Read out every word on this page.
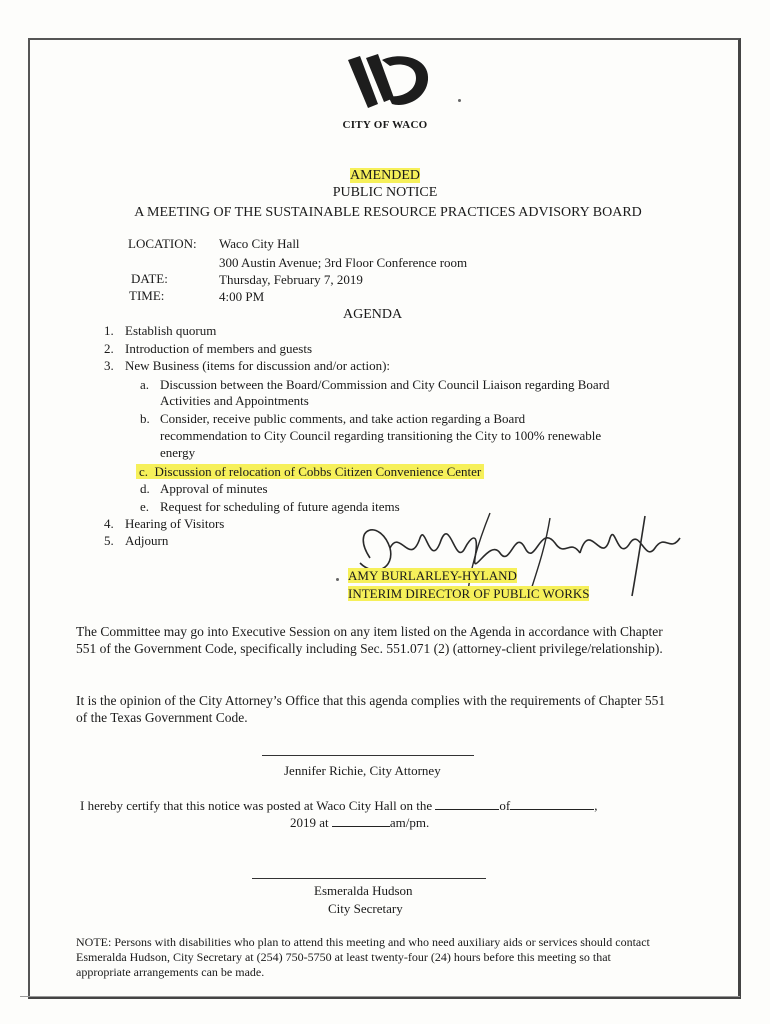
CITY OF WACO
AMENDED
PUBLIC NOTICE
A MEETING OF THE SUSTAINABLE RESOURCE PRACTICES ADVISORY BOARD
LOCATION: Waco City Hall
300 Austin Avenue; 3rd Floor Conference room
DATE:	Thursday, February 7, 2019
TIME:	4:00 PM
AGENDA
1. Establish quorum
2. Introduction of members and guests
3. New Business (items for discussion and/or action):
a. Discussion between the Board/Commission and City Council Liaison regarding Board
Activities and Appointments
b. Consider, receive public comments, and take action regarding a Board
recommendation to City Council regarding transitioning the City to 100% renewable
energy
c. Discussion of relocation of Cobbs Citizen Convenience Center
d. Approval of minutes
e. Request for scheduling of future agenda items
4. Hearing of Visitors
5. Adjourn
AMY BURLARLEY-HYLAND
INTERIM DIRECTOR OF PUBLIC WORKS
The Committee may go into Executive Session on any item listed on the Agenda in accordance with Chapter 551 of the Government Code, specifically including Sec. 551.071 (2) (attorney-client privilege/relationship).
It is the opinion of the City Attorney’s Office that this agenda complies with the requirements of Chapter 551 of the Texas Government Code.
Jennifer Richie, City Attorney
I hereby certify that this notice was posted at Waco City Hall on the	of	,
2019 at	am/pm.
Esmeralda Hudson
City Secretary
NOTE: Persons with disabilities who plan to attend this meeting and who need auxiliary aids or services should contact Esmeralda Hudson, City Secretary at (254) 750-5750 at least twenty-four (24) hours before this meeting so that appropriate arrangements can be made.
